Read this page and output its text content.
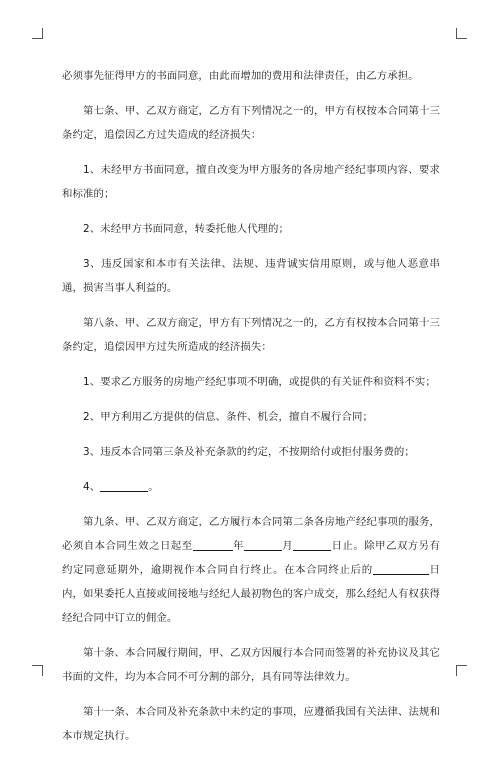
必须事先征得甲方的书面同意，由此而增加的费用和法律责任，由乙方承担。

第七条、甲、乙双方商定，乙方有下列情况之一的，甲方有权按本合同第十三条约定，追偿因乙方过失造成的经济损失：

1、未经甲方书面同意，擅自改变为甲方服务的各房地产经纪事项内容、要求和标准的；

2、未经甲方书面同意，转委托他人代理的；

3、违反国家和本市有关法律、法规、违背诚实信用原则，或与他人恶意串通，损害当事人利益的。

第八条、甲、乙双方商定，甲方有下列情况之一的，乙方有权按本合同第十三条约定，追偿因甲方过失所造成的经济损失：

1、要求乙方服务的房地产经纪事项不明确，或提供的有关证件和资料不实；

2、甲方利用乙方提供的信息、条件、机会，擅自不履行合同；

3、违反本合同第三条及补充条款的约定，不按期给付或拒付服务费的；

4、	。

第九条、甲、乙双方商定，乙方履行本合同第二条各房地产经纪事项的服务，必须自本合同生效之日起至	年	月	日止。除甲乙双方另有约定同意延期外，逾期视作本合同自行终止。在本合同终止后的	日内，如果委托人直接或间接地与经纪人最初物色的客户成交，那么经纪人有权获得经纪合同中订立的佣金。

第十条、本合同履行期间，甲、乙双方因履行本合同而签署的补充协议及其它书面的文件，均为本合同不可分割的部分，具有同等法律效力。

第十一条、本合同及补充条款中未约定的事项，应遵循我国有关法律、法规和本市规定执行。
